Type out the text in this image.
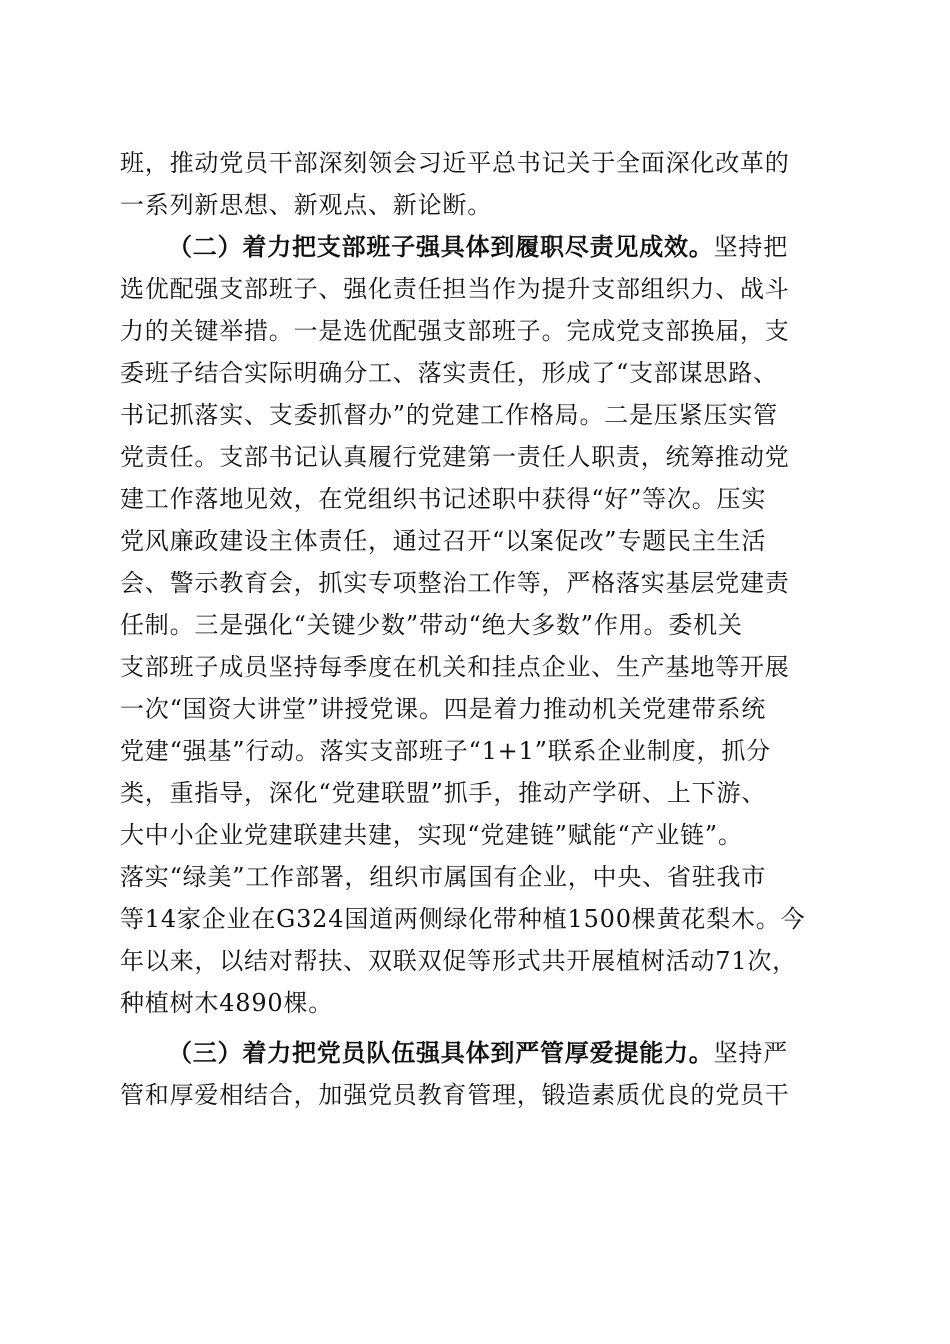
班，推动党员干部深刻领会习近平总书记关于全面深化改革的
一系列新思想、新观点、新论断。
（二）着力把支部班子强具体到履职尽责见成效。坚持把
选优配强支部班子、强化责任担当作为提升支部组织力、战斗
力的关键举措。一是选优配强支部班子。完成党支部换届，支
委班子结合实际明确分工、落实责任，形成了“支部谋思路、
书记抓落实、支委抓督办”的党建工作格局。二是压紧压实管
党责任。支部书记认真履行党建第一责任人职责，统筹推动党
建工作落地见效，在党组织书记述职中获得“好”等次。压实
党风廉政建设主体责任，通过召开“以案促改”专题民主生活
会、警示教育会，抓实专项整治工作等，严格落实基层党建责
任制。三是强化“关键少数”带动“绝大多数”作用。委机关
支部班子成员坚持每季度在机关和挂点企业、生产基地等开展
一次“国资大讲堂”讲授党课。四是着力推动机关党建带系统
党建“强基”行动。落实支部班子“1+1”联系企业制度，抓分
类，重指导，深化“党建联盟”抓手，推动产学研、上下游、
大中小企业党建联建共建，实现“党建链”赋能“产业链”。
落实“绿美”工作部署，组织市属国有企业，中央、省驻我市
等14家企业在G324国道两侧绿化带种植1500棵黄花梨木。今
年以来，以结对帮扶、双联双促等形式共开展植树活动71次，
种植树木4890棵。
（三）着力把党员队伍强具体到严管厚爱提能力。坚持严
管和厚爱相结合，加强党员教育管理，锻造素质优良的党员干
